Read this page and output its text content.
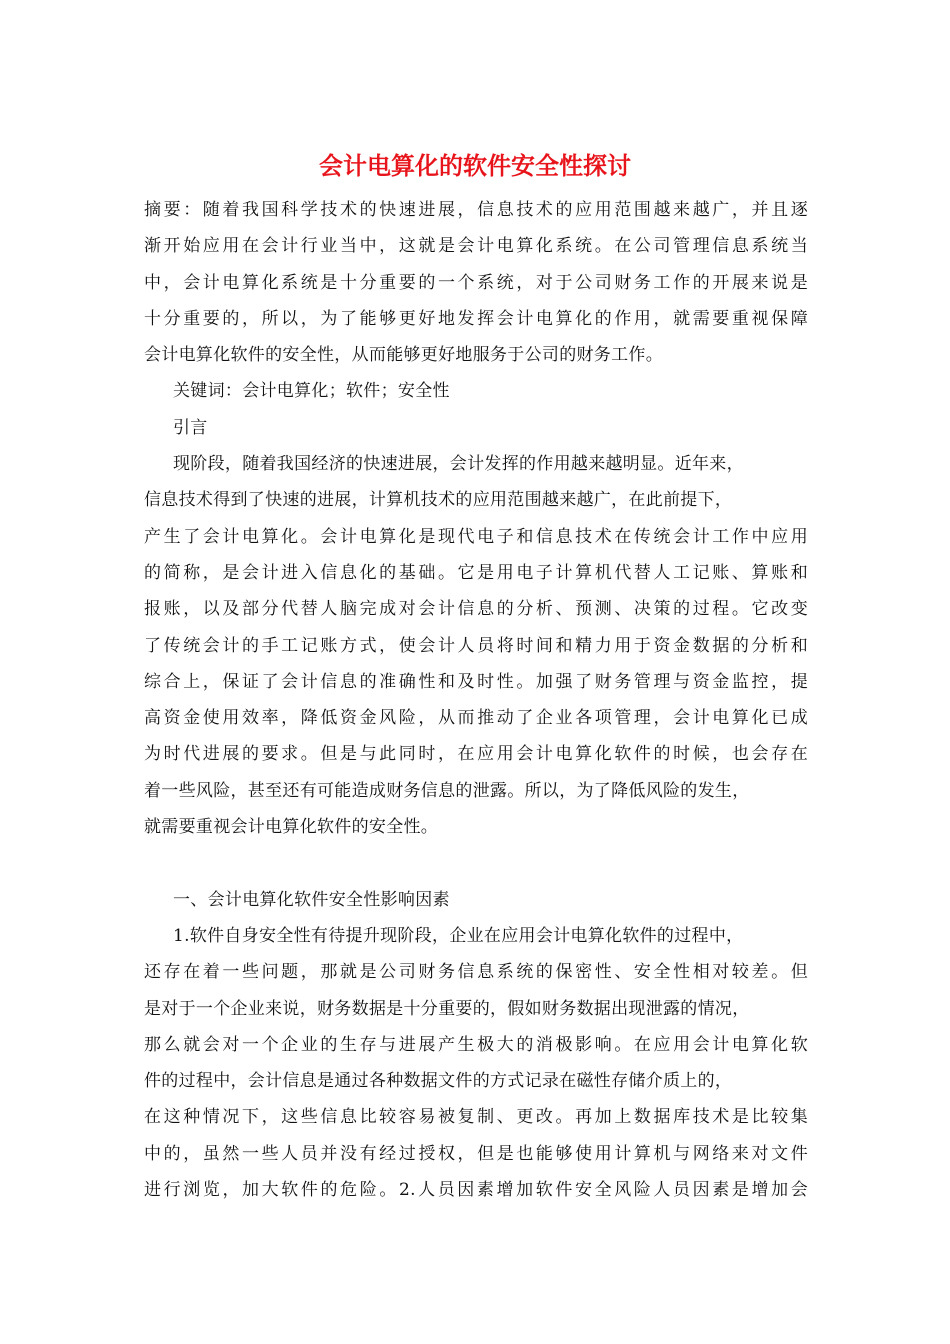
会计电算化的软件安全性探讨

摘要：随着我国科学技术的快速进展，信息技术的应用范围越来越广，并且逐
渐开始应用在会计行业当中，这就是会计电算化系统。在公司管理信息系统当
中，会计电算化系统是十分重要的一个系统，对于公司财务工作的开展来说是
十分重要的，所以，为了能够更好地发挥会计电算化的作用，就需要重视保障
会计电算化软件的安全性，从而能够更好地服务于公司的财务工作。

关键词：会计电算化；软件；安全性

引言

现阶段，随着我国经济的快速进展，会计发挥的作用越来越明显。近年来，
信息技术得到了快速的进展，计算机技术的应用范围越来越广，在此前提下，
产生了会计电算化。会计电算化是现代电子和信息技术在传统会计工作中应用
的简称，是会计进入信息化的基础。它是用电子计算机代替人工记账、算账和
报账，以及部分代替人脑完成对会计信息的分析、预测、决策的过程。它改变
了传统会计的手工记账方式，使会计人员将时间和精力用于资金数据的分析和
综合上，保证了会计信息的准确性和及时性。加强了财务管理与资金监控，提
高资金使用效率，降低资金风险，从而推动了企业各项管理，会计电算化已成
为时代进展的要求。但是与此同时，在应用会计电算化软件的时候，也会存在
着一些风险，甚至还有可能造成财务信息的泄露。所以，为了降低风险的发生，
就需要重视会计电算化软件的安全性。

一、会计电算化软件安全性影响因素

1.软件自身安全性有待提升现阶段，企业在应用会计电算化软件的过程中，
还存在着一些问题，那就是公司财务信息系统的保密性、安全性相对较差。但
是对于一个企业来说，财务数据是十分重要的，假如财务数据出现泄露的情况，
那么就会对一个企业的生存与进展产生极大的消极影响。在应用会计电算化软
件的过程中，会计信息是通过各种数据文件的方式记录在磁性存储介质上的，
在这种情况下，这些信息比较容易被复制、更改。再加上数据库技术是比较集
中的，虽然一些人员并没有经过授权，但是也能够使用计算机与网络来对文件
进行浏览，加大软件的危险。2.人员因素增加软件安全风险人员因素是增加会
